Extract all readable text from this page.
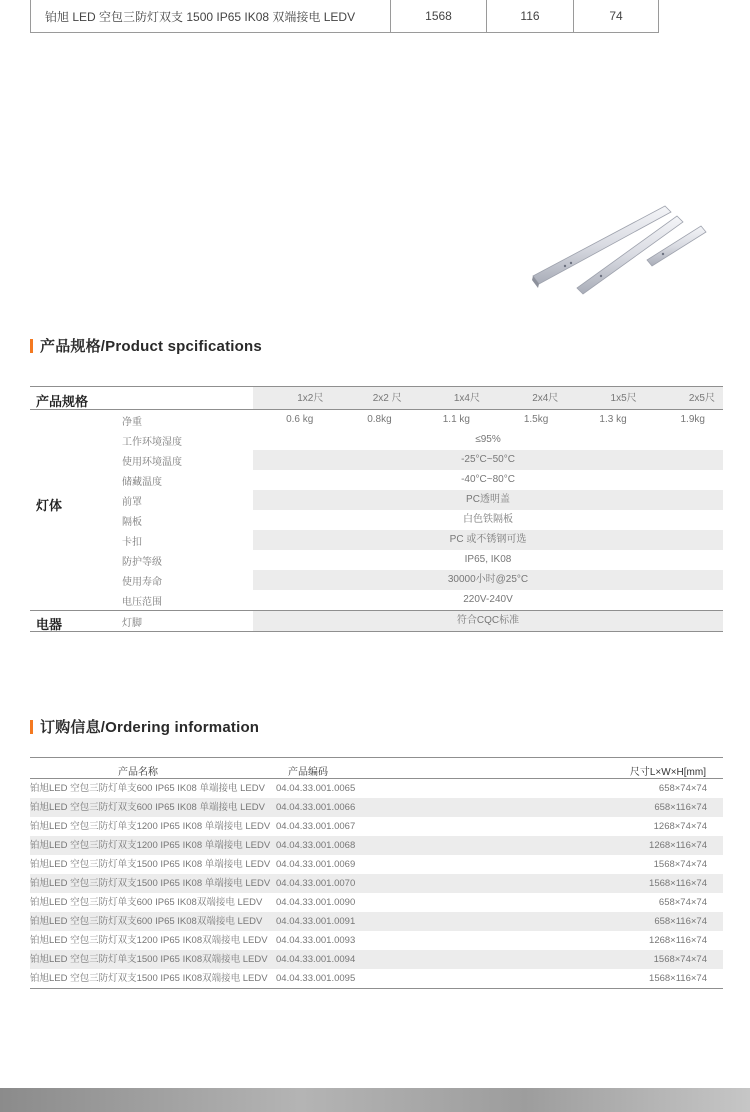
铂旭 LED 空包三防灯双支 1500 IP65 IK08 双端接电 LEDV	1568	116	74
产品规格/Product spcifications
产品规格	1x2尺	2x2 尺	1x4尺	2x4尺	1x5尺	2x5尺
灯体
净重	0.6 kg	0.8kg	1.1 kg	1.5kg	1.3 kg	1.9kg
工作环境湿度	≤95%
使用环境温度	-25°C~50°C
储藏温度	-40°C~80°C
前罩	PC透明盖
隔板	白色铁隔板
卡扣	PC 或不锈钢可选
防护等级	IP65, IK08
使用寿命	30000小时@25°C
电压范围	220V-240V
电器	灯脚	符合CQC标准
订购信息/Ordering information
产品名称	产品编码	尺寸L×W×H[mm]
铂旭LED 空包三防灯单支600 IP65 IK08 单端接电 LEDV 04.04.33.001.0065	658×74×74
铂旭LED 空包三防灯双支600 IP65 IK08 单端接电 LEDV 04.04.33.001.0066	658×116×74
铂旭LED 空包三防灯单支1200 IP65 IK08 单端接电 LEDV 04.04.33.001.0067	1268×74×74
铂旭LED 空包三防灯双支1200 IP65 IK08 单端接电 LEDV 04.04.33.001.0068	1268×116×74
铂旭LED 空包三防灯单支1500 IP65 IK08 单端接电 LEDV 04.04.33.001.0069	1568×74×74
铂旭LED 空包三防灯双支1500 IP65 IK08 单端接电 LEDV 04.04.33.001.0070	1568×116×74
铂旭LED 空包三防灯单支600 IP65 IK08双端接电 LEDV 04.04.33.001.0090	658×74×74
铂旭LED 空包三防灯双支600 IP65 IK08双端接电 LEDV 04.04.33.001.0091	658×116×74
铂旭LED 空包三防灯双支1200 IP65 IK08双端接电 LEDV 04.04.33.001.0093	1268×116×74
铂旭LED 空包三防灯单支1500 IP65 IK08双端接电 LEDV 04.04.33.001.0094	1568×74×74
铂旭LED 空包三防灯双支1500 IP65 IK08双端接电 LEDV 04.04.33.001.0095	1568×116×74
